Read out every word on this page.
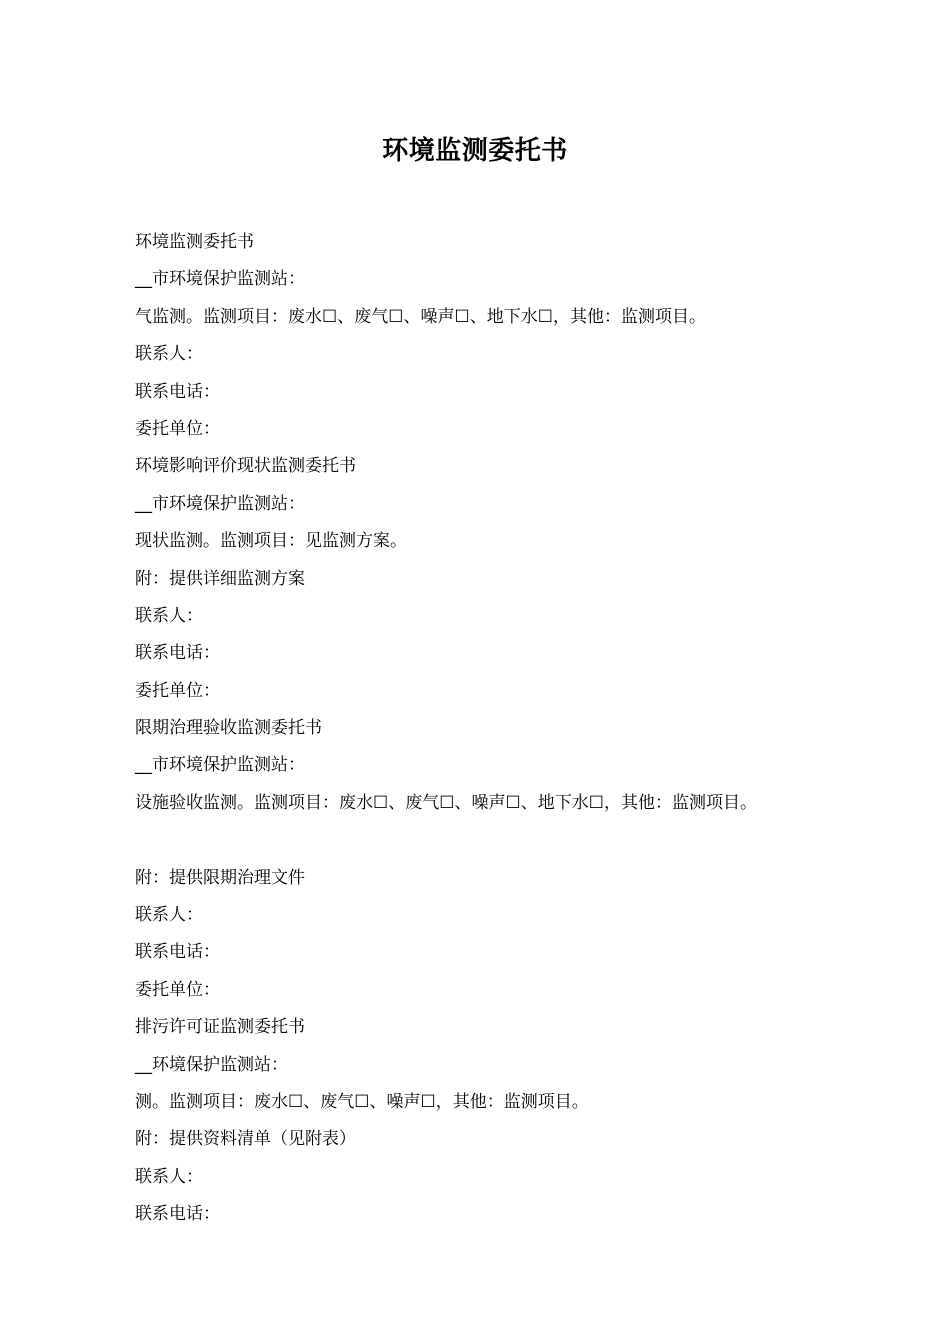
环境监测委托书
环境监测委托书
__市环境保护监测站：
气监测。监测项目：废水☐、废气☐、噪声☐、地下水☐，其他：监测项目。
联系人：
联系电话：
委托单位：
环境影响评价现状监测委托书
__市环境保护监测站：
现状监测。监测项目：见监测方案。
附：提供详细监测方案
联系人：
联系电话：
委托单位：
限期治理验收监测委托书
__市环境保护监测站：
设施验收监测。监测项目：废水☐、废气☐、噪声☐、地下水☐，其他：监测项目。
附：提供限期治理文件
联系人：
联系电话：
委托单位：
排污许可证监测委托书
__环境保护监测站：
测。监测项目：废水☐、废气☐、噪声☐，其他：监测项目。
附：提供资料清单（见附表）
联系人：
联系电话：
